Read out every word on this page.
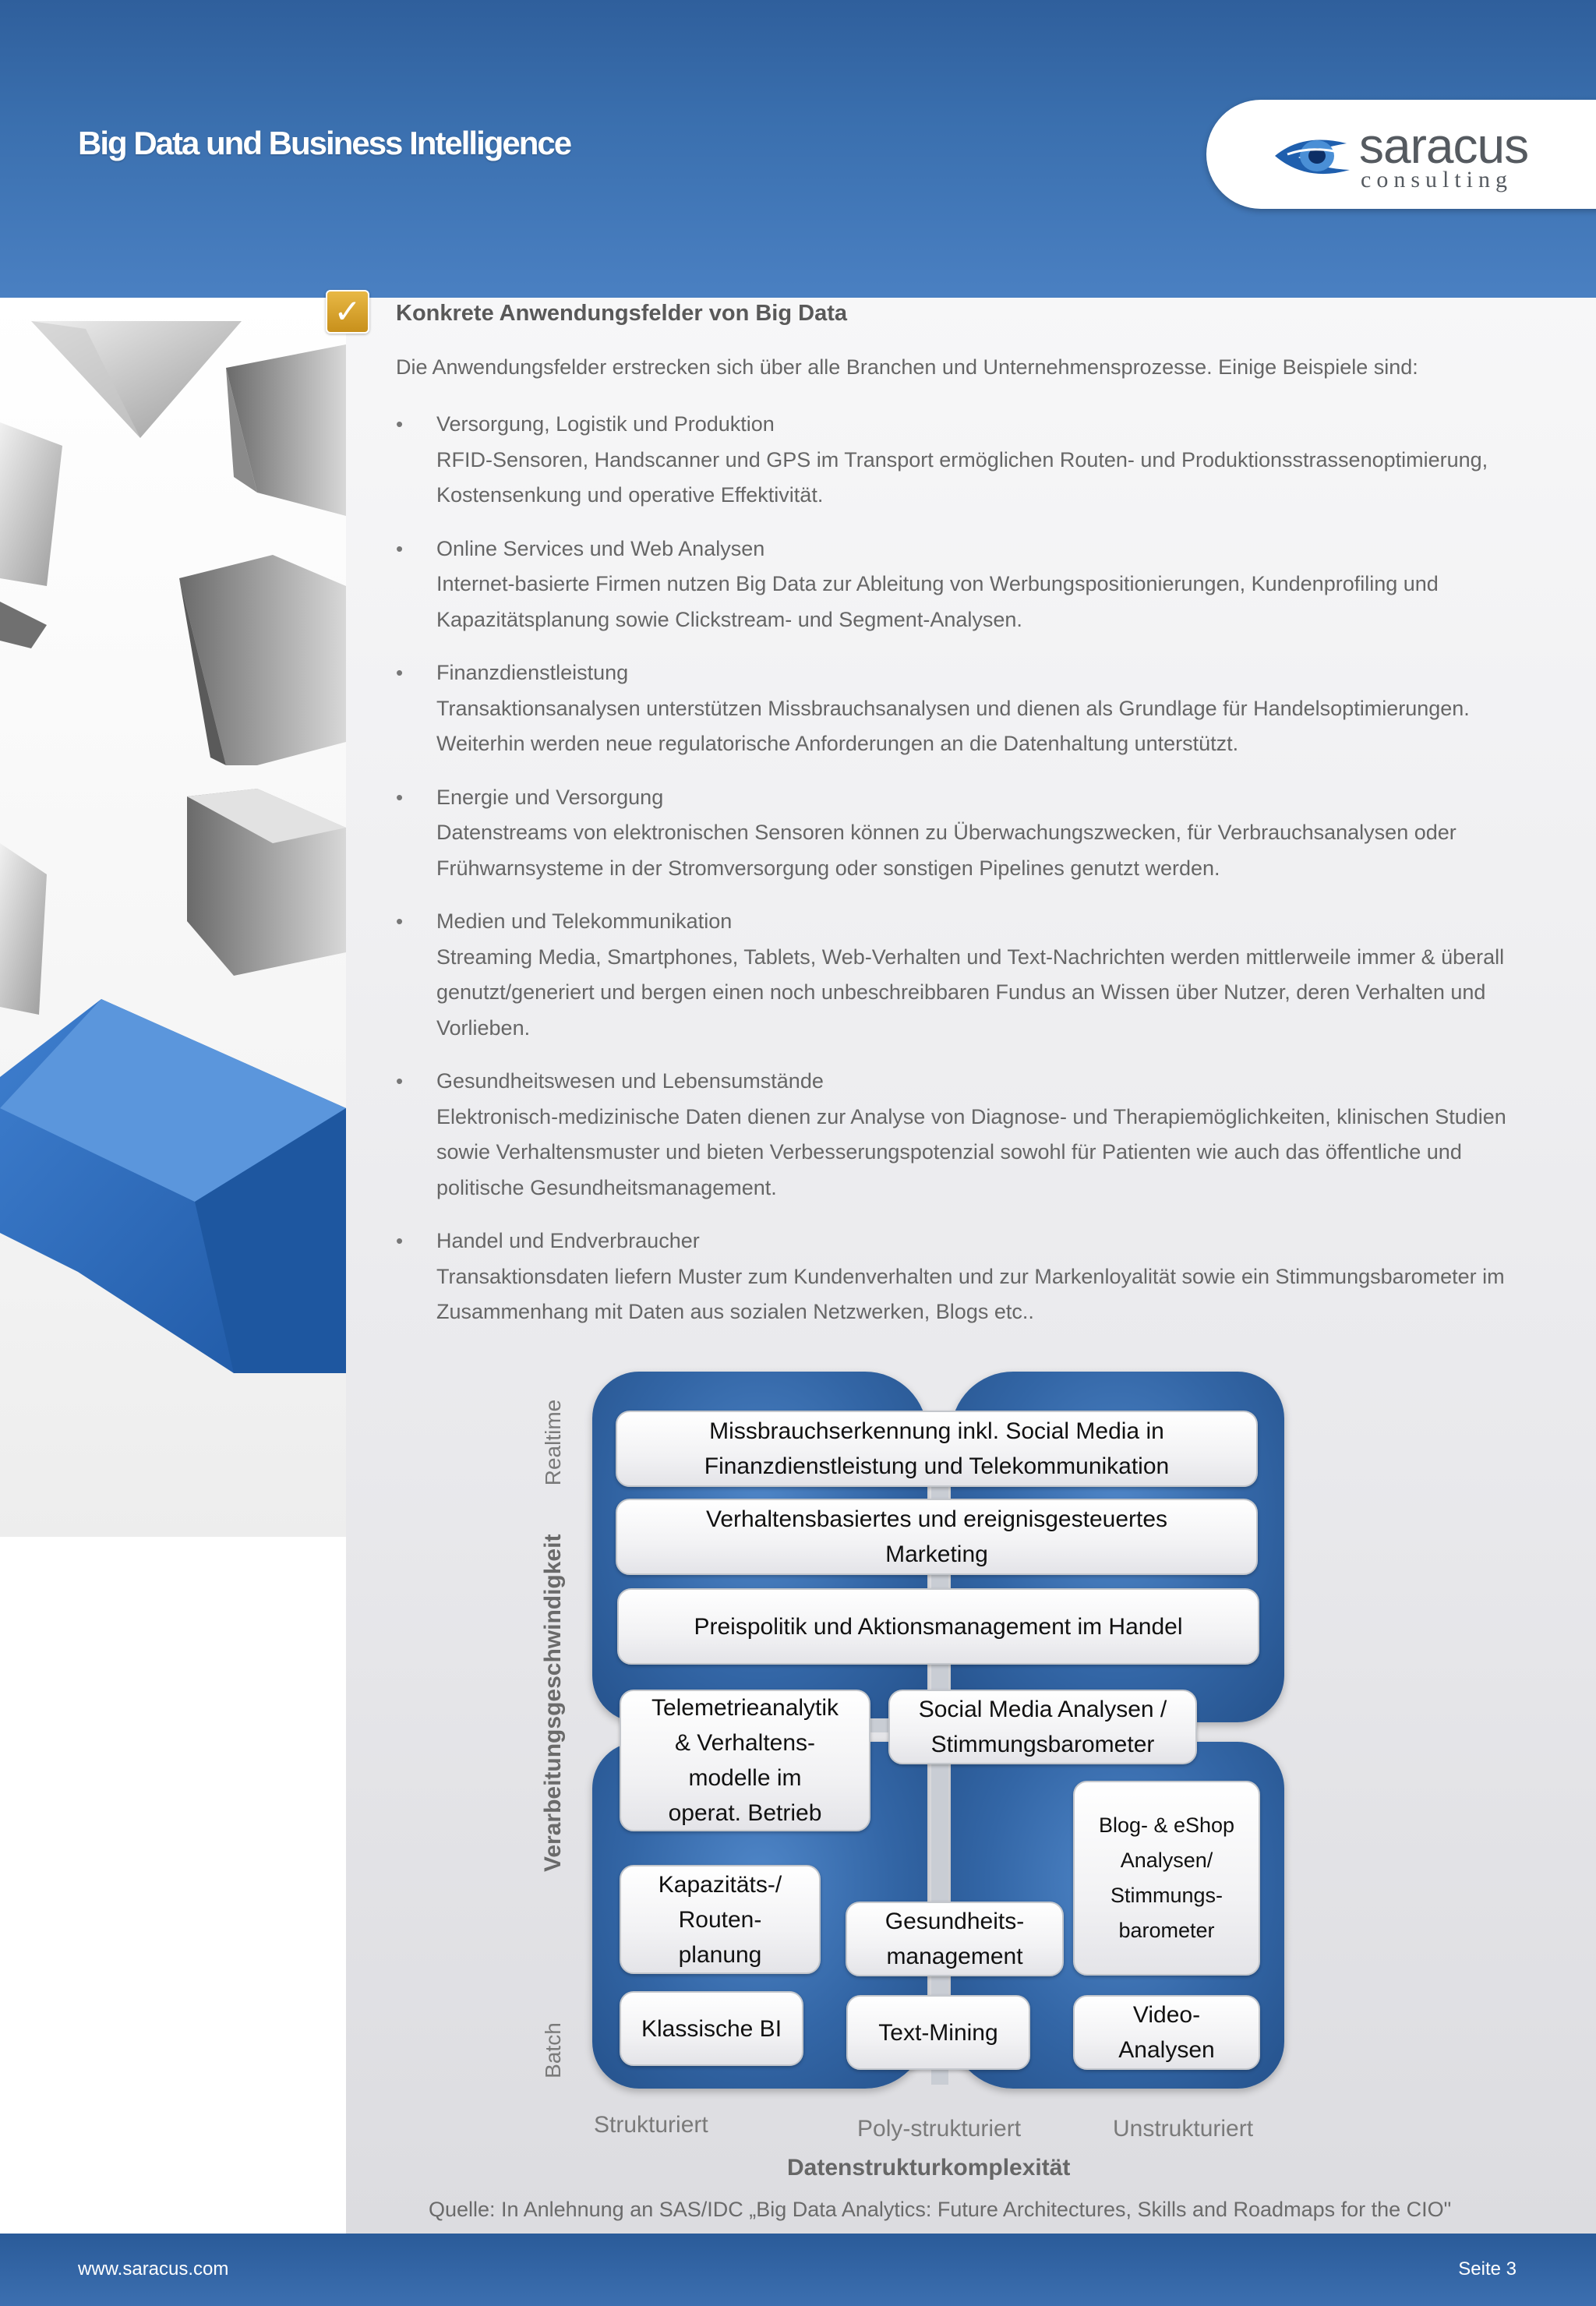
Big Data und Business Intelligence	saracus
consulting
✓	Konkrete Anwendungsfelder von Big Data
Die Anwendungsfelder erstrecken sich über alle Branchen und Unternehmensprozesse. Einige Beispiele sind:
• Versorgung, Logistik und Produktion
RFID-Sensoren, Handscanner und GPS im Transport ermöglichen Routen- und Produktionsstrassenoptimierung, Kostensenkung und operative Effektivität.
• Online Services und Web Analysen
Internet-basierte Firmen nutzen Big Data zur Ableitung von Werbungspositionierungen, Kundenprofiling und Kapazitätsplanung sowie Clickstream- und Segment-Analysen.
• Finanzdienstleistung
Transaktionsanalysen unterstützen Missbrauchsanalysen und dienen als Grundlage für Handelsoptimierungen. Weiterhin werden neue regulatorische Anforderungen an die Datenhaltung unterstützt.
• Energie und Versorgung
Datenstreams von elektronischen Sensoren können zu Überwachungszwecken, für Verbrauchsanalysen oder Frühwarnsysteme in der Stromversorgung oder sonstigen Pipelines genutzt werden.
• Medien und Telekommunikation
Streaming Media, Smartphones, Tablets, Web-Verhalten und Text-Nachrichten werden mittlerweile immer & überall genutzt/generiert und bergen einen noch unbeschreibbaren Fundus an Wissen über Nutzer, deren Verhalten und Vorlieben.
• Gesundheitswesen und Lebensumstände
Elektronisch-medizinische Daten dienen zur Analyse von Diagnose- und Therapiemöglichkeiten, klinischen Studien sowie Verhaltensmuster und bieten Verbesserungspotenzial sowohl für Patienten wie auch das öffentliche und politische Gesundheitsmanagement.
• Handel und Endverbraucher
Transaktionsdaten liefern Muster zum Kundenverhalten und zur Markenloyalität sowie ein Stimmungsbarometer im Zusammenhang mit Daten aus sozialen Netzwerken, Blogs etc..
Missbrauchserkennung inkl. Social Media in
Finanzdienstleistung und Telekommunikation
Verhaltensbasiertes und ereignisgesteuertes
Marketing
Preispolitik und Aktionsmanagement im Handel
Telemetrieanalytik
& Verhaltens-
modelle im
operat. Betrieb
Social Media Analysen /
Stimmungsbarometer
Blog- & eShop
Analysen/
Stimmungs-
barometer
Kapazitäts-/
Routen-
planung
Gesundheits-
management
Klassische BI	Text-Mining
Video-
Analysen
Realtime
Verarbeitungsgeschwindigkeit
Batch
Strukturiert	Poly-strukturiert	Unstrukturiert
Datenstrukturkomplexität
Quelle: In Anlehnung an SAS/IDC „Big Data Analytics: Future Architectures, Skills and Roadmaps for the CIO"
www.saracus.com	Seite 3
